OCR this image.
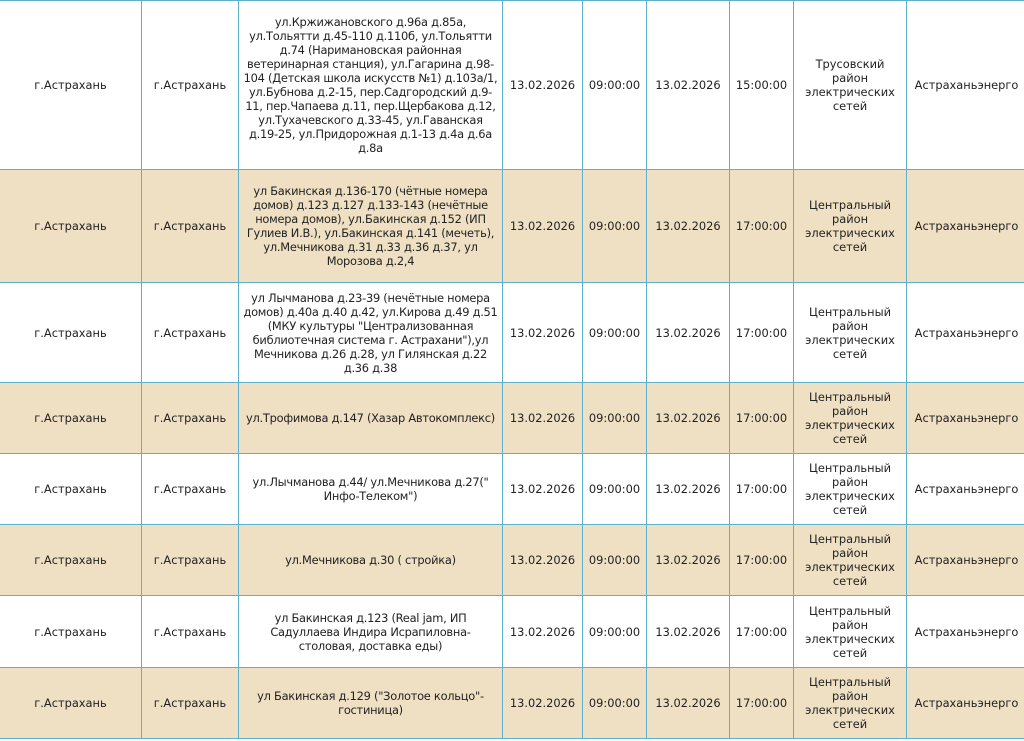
г.Астрахань	г.Астрахань	ул.Кржижановского д.96а д.85а, ул.Тольятти д.45-110 д.110б, ул.Тольятти д.74 (Наримановская районная ветеринарная станция), ул.Гагарина д.98-104 (Детская школа искусств №1) д.103а/1, ул.Бубнова д.2-15, пер.Садгородский д.9-11, пер.Чапаева д.11, пер.Щербакова д.12, ул.Тухачевского д.33-45, ул.Гаванская д.19-25, ул.Придорожная д.1-13 д.4а д.6а д.8а	13.02.2026	09:00:00	13.02.2026	15:00:00	Трусовский район электрических сетей	Астраханьэнерго
г.Астрахань	г.Астрахань	ул Бакинская д.136-170 (чётные номера домов) д.123 д.127 д.133-143 (нечётные номера домов), ул.Бакинская д.152 (ИП Гулиев И.В.), ул.Бакинская д.141 (мечеть), ул.Мечникова д.31 д.33 д.36 д.37, ул Морозова д.2,4	13.02.2026	09:00:00	13.02.2026	17:00:00	Центральный район электрических сетей	Астраханьэнерго
г.Астрахань	г.Астрахань	ул Лычманова д.23-39 (нечётные номера домов) д.40а д.40 д.42, ул.Кирова д.49 д.51 (МКУ культуры "Централизованная библиотечная система г. Астрахани"),ул Мечникова д.26 д.28, ул Гилянская д.22 д.36 д.38	13.02.2026	09:00:00	13.02.2026	17:00:00	Центральный район электрических сетей	Астраханьэнерго
г.Астрахань	г.Астрахань	ул.Трофимова д.147 (Хазар Автокомплекс)	13.02.2026	09:00:00	13.02.2026	17:00:00	Центральный район электрических сетей	Астраханьэнерго
г.Астрахань	г.Астрахань	ул.Лычманова д.44/ ул.Мечникова д.27(" Инфо-Телеком")	13.02.2026	09:00:00	13.02.2026	17:00:00	Центральный район электрических сетей	Астраханьэнерго
г.Астрахань	г.Астрахань	ул.Мечникова д.30 ( стройка)	13.02.2026	09:00:00	13.02.2026	17:00:00	Центральный район электрических сетей	Астраханьэнерго
г.Астрахань	г.Астрахань	ул Бакинская д.123 (Real jam, ИП Садуллаева Индира Исрапиловна-столовая, доставка еды)	13.02.2026	09:00:00	13.02.2026	17:00:00	Центральный район электрических сетей	Астраханьэнерго
г.Астрахань	г.Астрахань	ул Бакинская д.129 ("Золотое кольцо"-гостиница)	13.02.2026	09:00:00	13.02.2026	17:00:00	Центральный район электрических сетей	Астраханьэнерго
